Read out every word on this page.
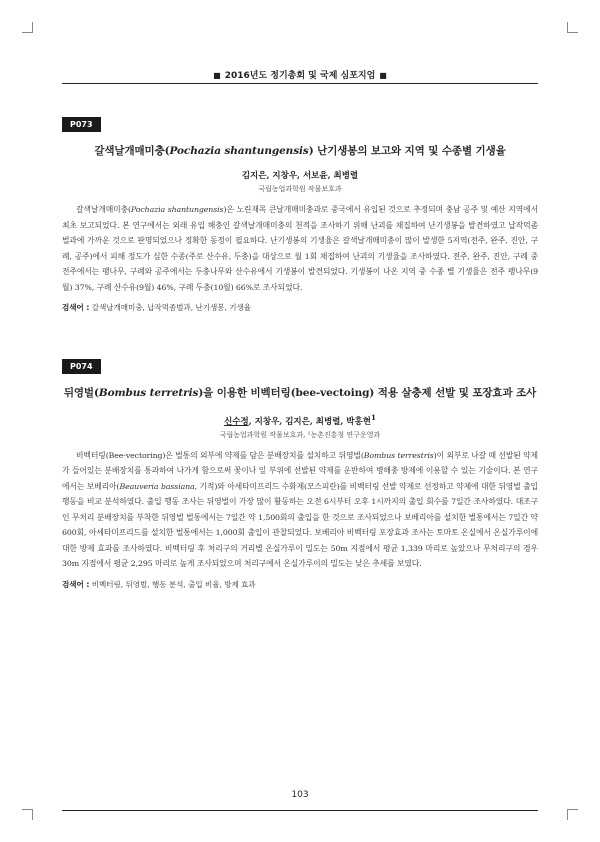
■ 2016년도 정기총회 및 국제 심포지엄 ■
P073
갈색날개매미충(Pochazia shantungensis) 난기생봉의 보고와 지역 및 수종별 기생율
김지은, 지창우, 서보윤, 최병렬
국립농업과학원 작물보호과
갈색날개매미충(Pochazia shantungensis)은 노린재목 큰날개매미충과로 중국에서 유입된 것으로 추정되며 충남 공주 및 예산 지역에서 최초 보고되었다. 본 연구에서는 외래 유입 해충인 갈색날개매미충의 천적을 조사하기 위해 난괴를 채집하여 난기생봉을 발견하였고 납작먹좀벌과에 가까운 것으로 판명되었으나 정확한 동정이 필요하다. 난기생봉의 기생율은 갈색날개매미충이 많이 발생한 5지역(전주, 완주, 진안, 구례, 공주)에서 피해 정도가 심한 수종(주로 산수유, 두충)을 대상으로 월 1회 채집하여 난괴의 기생율을 조사하였다. 전주, 완주, 진안, 구례 중 전주에서는 팽나무, 구례와 공주에서는 두충나무와 산수유에서 기생봉이 발견되었다. 기생봉이 나온 지역 중 수종 별 기생율은 전주 팽나무(9월) 37%, 구례 산수유(9월) 46%, 구례 두충(10월) 66%로 조사되었다.
검색어 : 갈색날개매미충, 납작먹좀벌과, 난기생봉, 기생율
P074
뒤영벌(Bombus terretris)을 이용한 비벡터링(bee-vectoing) 적용 살충제 선발 및 포장효과 조사
신수정, 지창우, 김지은, 최병렬, 박홍현$^1$
국립농업과학원 작물보호과, ¹농촌진흥청 연구운영과
비벡터링(Bee-vectoring)은 벌통의 외부에 약제를 담은 분배장치를 설치하고 뒤영벌(Bombus terrestris)이 외부로 나갈 때 선발된 약제가 들어있는 분배장치를 통과하여 나가게 함으로써 꽃이나 잎 부위에 선발된 약제를 운반하여 병해충 방제에 이용할 수 있는 기술이다. 본 연구에서는 보베리아(Beauveria bassiana, 기적)와 아세타미프리드 수화제(모스피란)를 비벡터링 선발 약제로 선정하고 약제에 대한 뒤영벌 출입 행동을 비교 분석하였다. 출입 행동 조사는 뒤영벌이 가장 많이 활동하는 오전 6시부터 오후 1시까지의 출입 회수를 7일간 조사하였다. 대조구인 무처리 분배장치를 부착한 뒤영벌 벌통에서는 7일간 약 1,500회의 출입을 한 것으로 조사되었으나 보베리아를 설치한 벌통에서는 7일간 약 600회, 아세타미프리드를 설치한 벌통에서는 1,000회 출입이 관찰되었다. 보베리아 비벡터링 포장효과 조사는 토마토 온실에서 온실가루이에 대한 방제 효과를 조사하였다. 비벡터링 후 처리구의 거리별 온실가루이 밀도는 50m 지점에서 평균 1,339 마리로 높았으나 무처리구의 경우 30m 지점에서 평균 2,295 마리로 높게 조사되었으며 처리구에서 온실가루이의 밀도는 낮은 추세를 보였다.
검색어 : 비벡터링, 뒤영벌, 행동 분석, 출입 비율, 방제 효과
103
